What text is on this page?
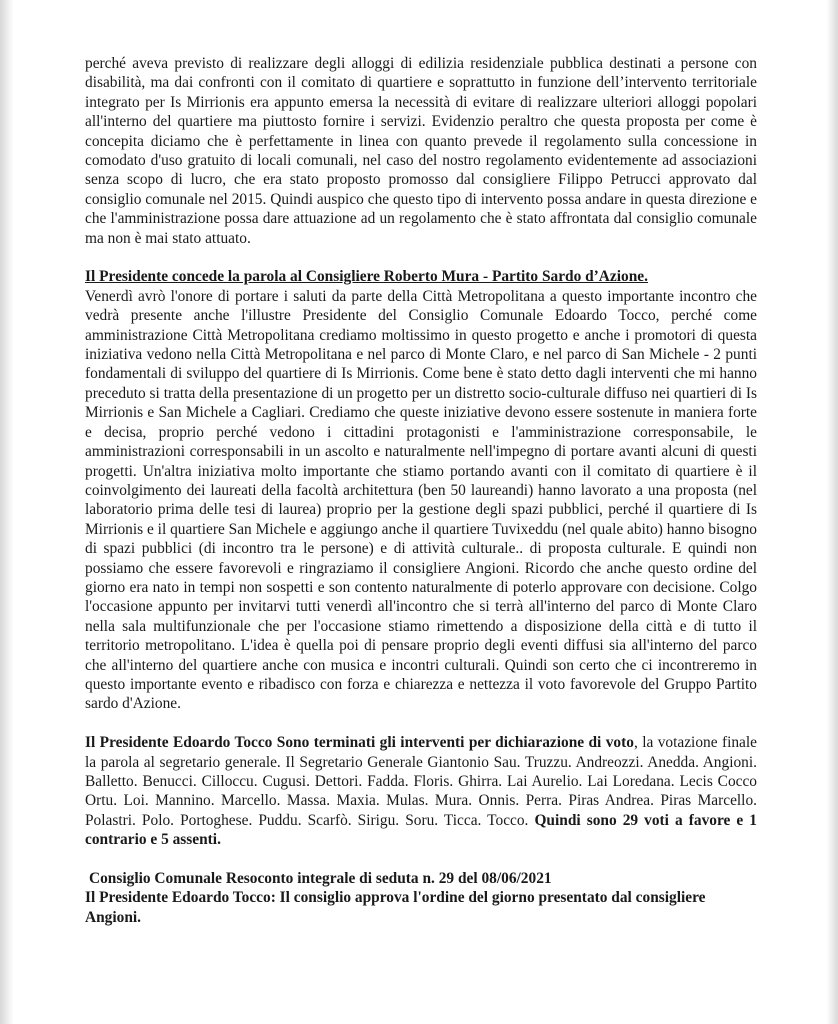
perché aveva previsto di realizzare degli alloggi di edilizia residenziale pubblica destinati a persone con disabilità, ma dai confronti con il comitato di quartiere e soprattutto in funzione dell’intervento territoriale integrato per Is Mirrionis era appunto emersa la necessità di evitare di realizzare ulteriori alloggi popolari all'interno del quartiere ma piuttosto fornire i servizi. Evidenzio peraltro che questa proposta per come è concepita diciamo che è perfettamente in linea con quanto prevede il regolamento sulla concessione in comodato d'uso gratuito di locali comunali, nel caso del nostro regolamento evidentemente ad associazioni senza scopo di lucro, che era stato proposto promosso dal consigliere Filippo Petrucci approvato dal consiglio comunale nel 2015. Quindi auspico che questo tipo di intervento possa andare in questa direzione e che l'amministrazione possa dare attuazione ad un regolamento che è stato affrontata dal consiglio comunale ma non è mai stato attuato.

Il Presidente concede la parola al Consigliere Roberto Mura - Partito Sardo d’Azione.

Venerdì avrò l'onore di portare i saluti da parte della Città Metropolitana a questo importante incontro che vedrà presente anche l'illustre Presidente del Consiglio Comunale Edoardo Tocco, perché come amministrazione Città Metropolitana crediamo moltissimo in questo progetto e anche i promotori di questa iniziativa vedono nella Città Metropolitana e nel parco di Monte Claro, e nel parco di San Michele - 2 punti fondamentali di sviluppo del quartiere di Is Mirrionis. Come bene è stato detto dagli interventi che mi hanno preceduto si tratta della presentazione di un progetto per un distretto socio-culturale diffuso nei quartieri di Is Mirrionis e San Michele a Cagliari. Crediamo che queste iniziative devono essere sostenute in maniera forte e decisa, proprio perché vedono i cittadini protagonisti e l'amministrazione corresponsabile, le amministrazioni corresponsabili in un ascolto e naturalmente nell'impegno di portare avanti alcuni di questi progetti. Un'altra iniziativa molto importante che stiamo portando avanti con il comitato di quartiere è il coinvolgimento dei laureati della facoltà architettura (ben 50 laureandi) hanno lavorato a una proposta (nel laboratorio prima delle tesi di laurea) proprio per la gestione degli spazi pubblici, perché il quartiere di Is Mirrionis e il quartiere San Michele e aggiungo anche il quartiere Tuvixeddu (nel quale abito) hanno bisogno di spazi pubblici (di incontro tra le persone) e di attività culturale.. di proposta culturale. E quindi non possiamo che essere favorevoli e ringraziamo il consigliere Angioni. Ricordo che anche questo ordine del giorno era nato in tempi non sospetti e son contento naturalmente di poterlo approvare con decisione. Colgo l'occasione appunto per invitarvi tutti venerdì all'incontro che si terrà all'interno del parco di Monte Claro nella sala multifunzionale che per l'occasione stiamo rimettendo a disposizione della città e di tutto il territorio metropolitano. L'idea è quella poi di pensare proprio degli eventi diffusi sia all'interno del parco che all'interno del quartiere anche con musica e incontri culturali. Quindi son certo che ci incontreremo in questo importante evento e ribadisco con forza e chiarezza e nettezza il voto favorevole del Gruppo Partito sardo d'Azione.

Il Presidente Edoardo Tocco Sono terminati gli interventi per dichiarazione di voto, la votazione finale la parola al segretario generale. Il Segretario Generale Giantonio Sau. Truzzu. Andreozzi. Anedda. Angioni. Balletto. Benucci. Cilloccu. Cugusi. Dettori. Fadda. Floris. Ghirra. Lai Aurelio. Lai Loredana. Lecis Cocco Ortu. Loi. Mannino. Marcello. Massa. Maxia. Mulas. Mura. Onnis. Perra. Piras Andrea. Piras Marcello. Polastri. Polo. Portoghese. Puddu. Scarfò. Sirigu. Soru. Ticca. Tocco. Quindi sono 29 voti a favore e 1 contrario e 5 assenti.

Consiglio Comunale Resoconto integrale di seduta n. 29 del 08/06/2021

Il Presidente Edoardo Tocco: Il consiglio approva l'ordine del giorno presentato dal consigliere Angioni.
